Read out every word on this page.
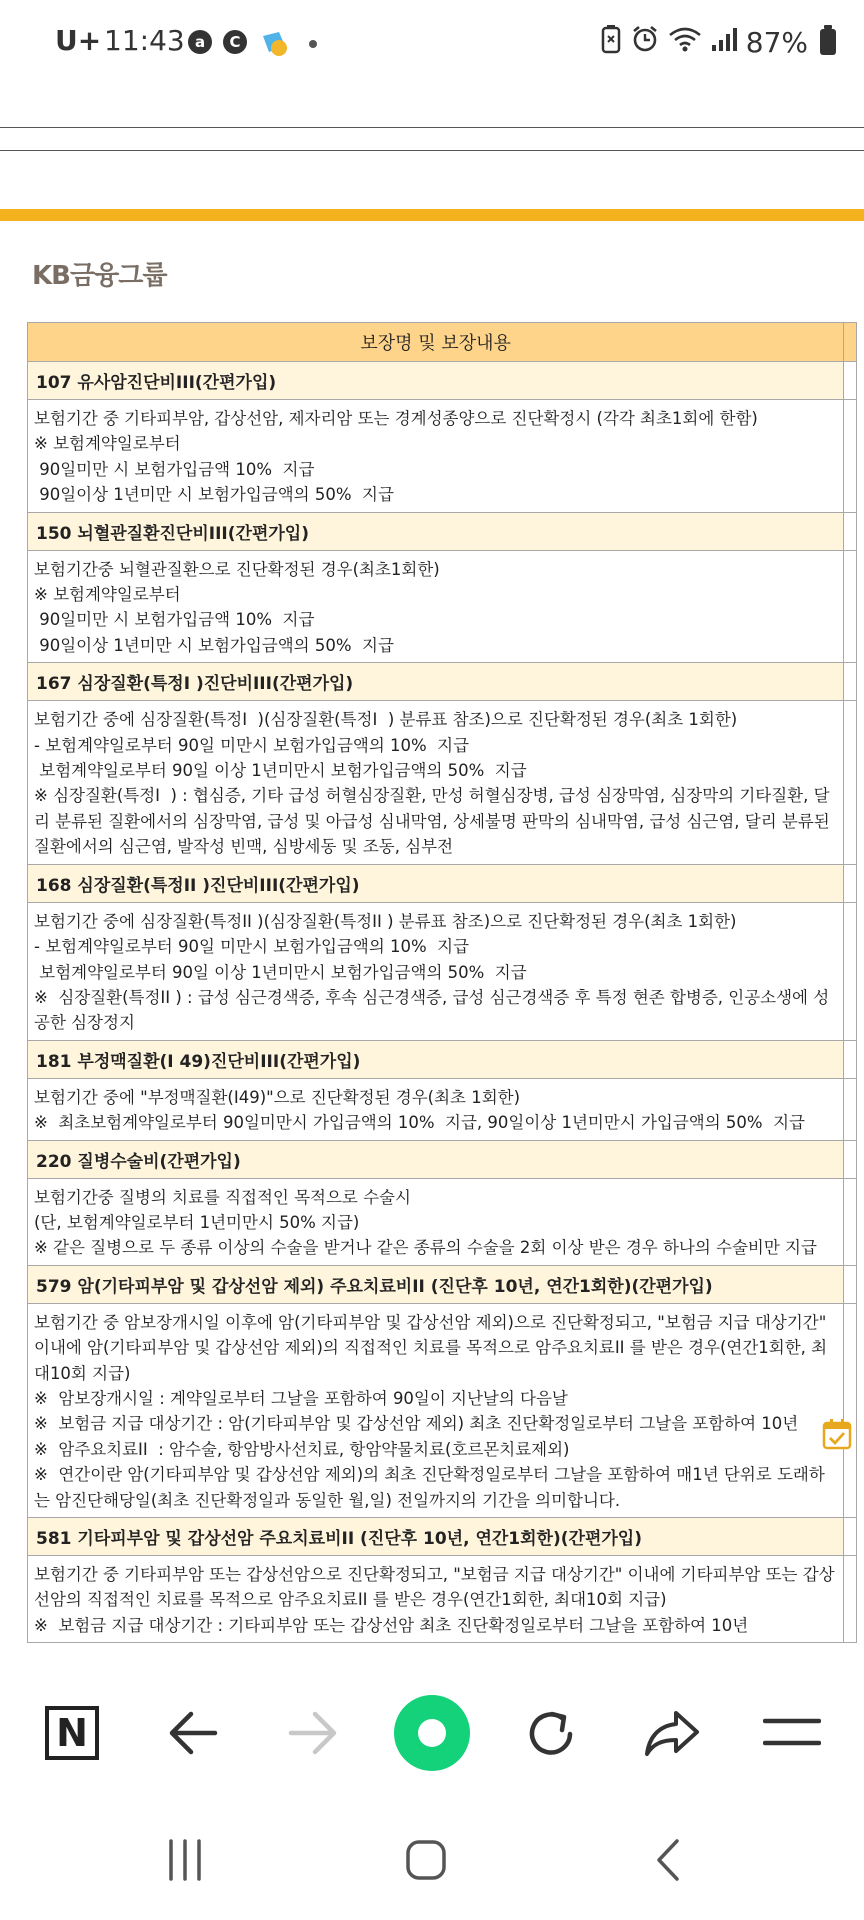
U+ 11:43 a	C	87%
KB금융그룹
보장명 및 보장내용	
107 유사암진단비III(간편가입)	

보험기간 중 기타피부암, 갑상선암, 제자리암 또는 경계성종양으로 진단확정시 (각각 최초1회에 한함)
※ 보험계약일로부터
90일미만 시 보험가입금액 10%  지급
90일이상 1년미만 시 보험가입금액의 50%  지급	

150 뇌혈관질환진단비III(간편가입)	

보험기간중 뇌혈관질환으로 진단확정된 경우(최초1회한)
※ 보험계약일로부터
90일미만 시 보험가입금액 10%  지급
90일이상 1년미만 시 보험가입금액의 50%  지급	

167 심장질환(특정I )진단비III(간편가입)	

보험기간 중에 심장질환(특정I  )(심장질환(특정I  ) 분류표 참조)으로 진단확정된 경우(최초 1회한)
- 보험계약일로부터 90일 미만시 보험가입금액의 10%  지급
보험계약일로부터 90일 이상 1년미만시 보험가입금액의 50%  지급
※ 심장질환(특정I  ) : 협심증, 기타 급성 허혈심장질환, 만성 허혈심장병, 급성 심장막염, 심장막의 기타질환, 달리 분류된 질환에서의 심장막염, 급성 및 아급성 심내막염, 상세불명 판막의 심내막염, 급성 심근염, 달리 분류된 질환에서의 심근염, 발작성 빈맥, 심방세동 및 조동, 심부전	

168 심장질환(특정II )진단비III(간편가입)	

보험기간 중에 심장질환(특정II )(심장질환(특정II ) 분류표 참조)으로 진단확정된 경우(최초 1회한)
- 보험계약일로부터 90일 미만시 보험가입금액의 10%  지급
보험계약일로부터 90일 이상 1년미만시 보험가입금액의 50%  지급
※  심장질환(특정II ) : 급성 심근경색증, 후속 심근경색증, 급성 심근경색증 후 특정 현존 합병증, 인공소생에 성공한 심장정지	

181 부정맥질환(I 49)진단비III(간편가입)	

보험기간 중에 "부정맥질환(I49)"으로 진단확정된 경우(최초 1회한)
※  최초보험계약일로부터 90일미만시 가입금액의 10%  지급, 90일이상 1년미만시 가입금액의 50%  지급	

220 질병수술비(간편가입)	

보험기간중 질병의 치료를 직접적인 목적으로 수술시
(단, 보험계약일로부터 1년미만시 50% 지급)
※ 같은 질병으로 두 종류 이상의 수술을 받거나 같은 종류의 수술을 2회 이상 받은 경우 하나의 수술비만 지급	

579 암(기타피부암 및 갑상선암 제외) 주요치료비II (진단후 10년, 연간1회한)(간편가입)	

보험기간 중 암보장개시일 이후에 암(기타피부암 및 갑상선암 제외)으로 진단확정되고, "보험금 지급 대상기간" 이내에 암(기타피부암 및 갑상선암 제외)의 직접적인 치료를 목적으로 암주요치료II 를 받은 경우(연간1회한, 최대10회 지급)
※  암보장개시일 : 계약일로부터 그날을 포함하여 90일이 지난날의 다음날
※  보험금 지급 대상기간 : 암(기타피부암 및 갑상선암 제외) 최초 진단확정일로부터 그날을 포함하여 10년
※  암주요치료II  : 암수술, 항암방사선치료, 항암약물치료(호르몬치료제외)
※  연간이란 암(기타피부암 및 갑상선암 제외)의 최초 진단확정일로부터 그날을 포함하여 매1년 단위로 도래하는 암진단해당일(최초 진단확정일과 동일한 월,일) 전일까지의 기간을 의미합니다.	

581 기타피부암 및 갑상선암 주요치료비II (진단후 10년, 연간1회한)(간편가입)	

보험기간 중 기타피부암 또는 갑상선암으로 진단확정되고, "보험금 지급 대상기간" 이내에 기타피부암 또는 갑상선암의 직접적인 치료를 목적으로 암주요치료II 를 받은 경우(연간1회한, 최대10회 지급)
※  보험금 지급 대상기간 : 기타피부암 또는 갑상선암 최초 진단확정일로부터 그날을 포함하여 10년	

N
